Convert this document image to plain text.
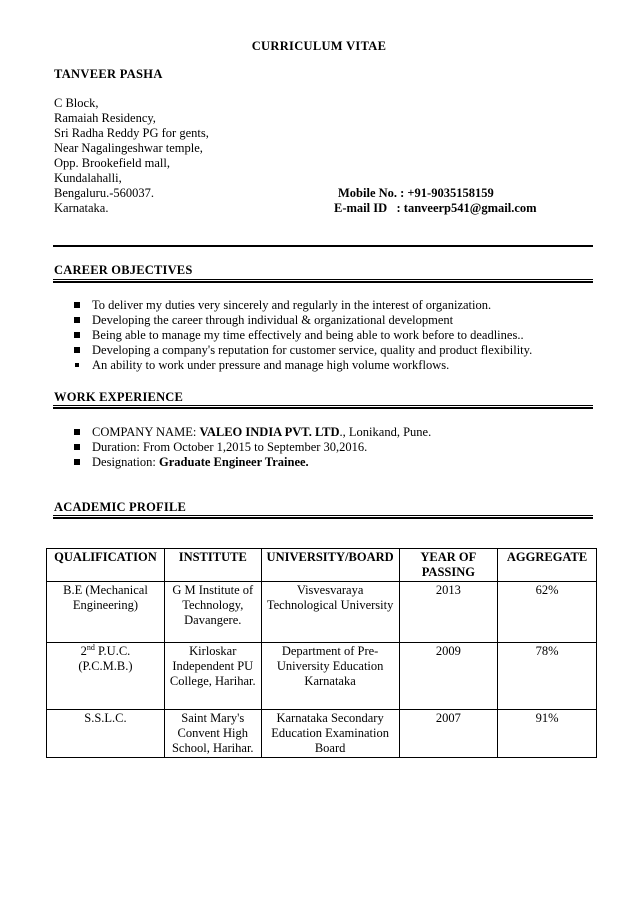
CURRICULUM VITAE
TANVEER PASHA
C Block,
Ramaiah Residency,
Sri Radha Reddy PG for gents,
Near Nagalingeshwar temple,
Opp. Brookefield mall,
Kundalahalli,
Bengaluru.-560037.
Karnataka.
Mobile No. : +91-9035158159
E-mail ID   : tanveerp541@gmail.com
CAREER OBJECTIVES
To deliver my duties very sincerely and regularly in the interest of organization.
Developing the career through individual & organizational development
Being able to manage my time effectively and being able to work before to deadlines..
Developing a company's reputation for customer service, quality and product flexibility.
An ability to work under pressure and manage high volume workflows.
WORK EXPERIENCE
COMPANY NAME: VALEO INDIA PVT. LTD., Lonikand, Pune.
Duration: From October 1,2015 to September 30,2016.
Designation: Graduate Engineer Trainee.
ACADEMIC PROFILE
QUALIFICATION	INSTITUTE	UNIVERSITY/BOARD	YEAR OF PASSING	AGGREGATE
B.E (Mechanical Engineering)	G M Institute of Technology, Davangere.	Visvesvaraya Technological University	2013	62%
2nd P.U.C.
(P.C.M.B.)	Kirloskar Independent PU College, Harihar.	Department of Pre-University Education Karnataka	2009	78%
S.S.L.C.	Saint Mary's Convent High School, Harihar.	Karnataka Secondary Education Examination Board	2007	91%
